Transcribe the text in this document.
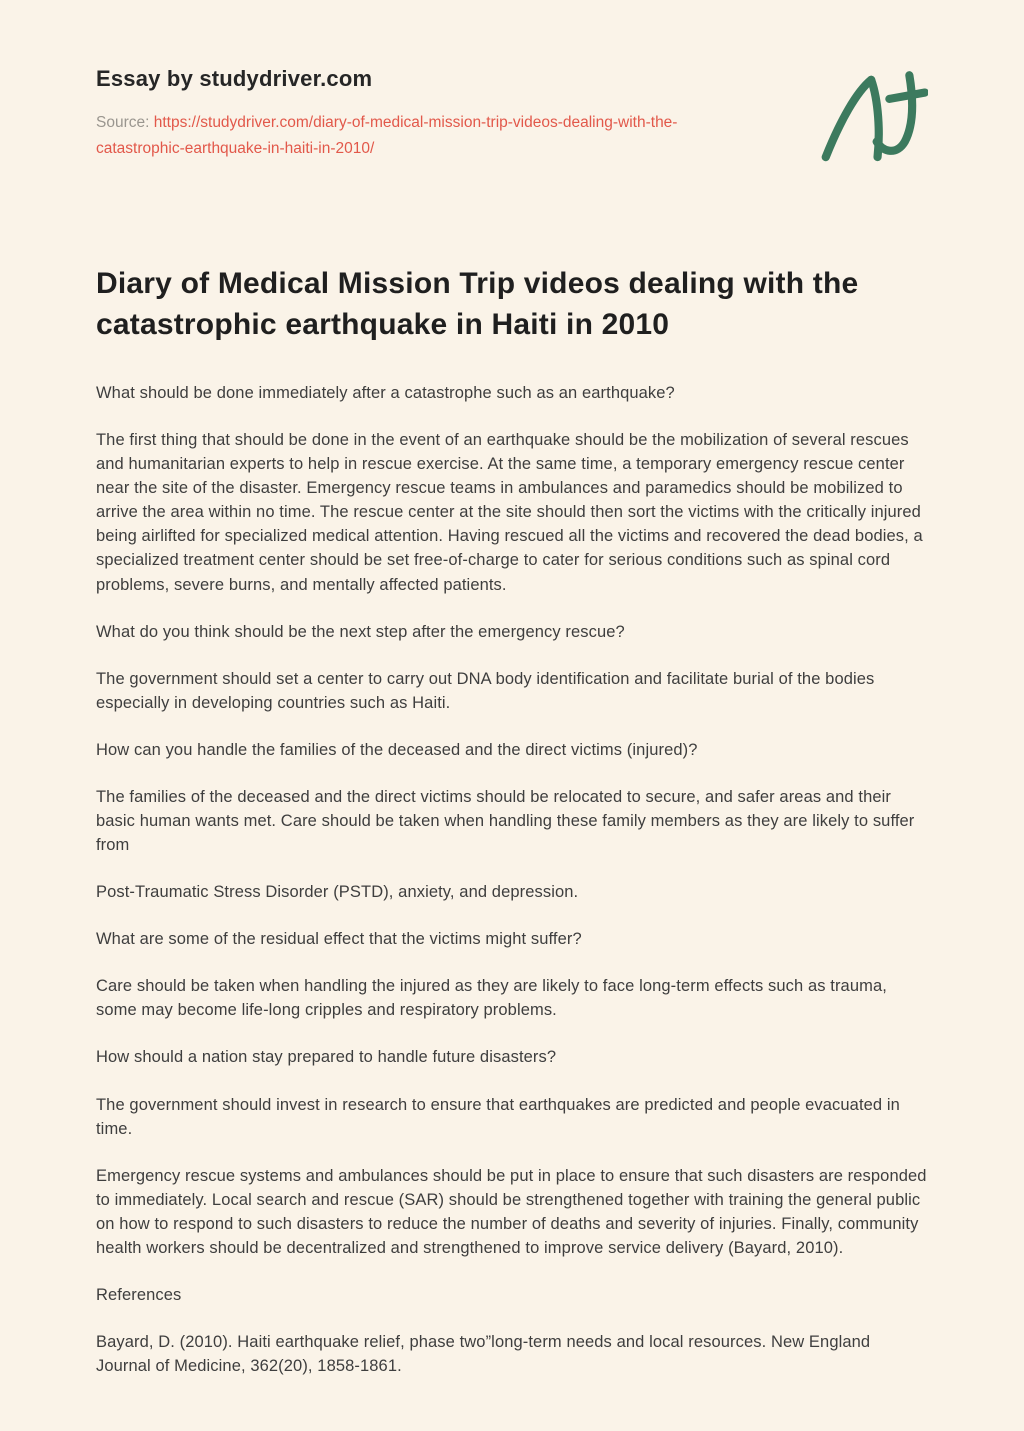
Essay by studydriver.com

Source: https://studydriver.com/diary-of-medical-mission-trip-videos-dealing-with-the-catastrophic-earthquake-in-haiti-in-2010/

Diary of Medical Mission Trip videos dealing with the catastrophic earthquake in Haiti in 2010

What should be done immediately after a catastrophe such as an earthquake?

The first thing that should be done in the event of an earthquake should be the mobilization of several rescues and humanitarian experts to help in rescue exercise. At the same time, a temporary emergency rescue center near the site of the disaster. Emergency rescue teams in ambulances and paramedics should be mobilized to arrive the area within no time. The rescue center at the site should then sort the victims with the critically injured being airlifted for specialized medical attention. Having rescued all the victims and recovered the dead bodies, a specialized treatment center should be set free-of-charge to cater for serious conditions such as spinal cord problems, severe burns, and mentally affected patients.

What do you think should be the next step after the emergency rescue?

The government should set a center to carry out DNA body identification and facilitate burial of the bodies especially in developing countries such as Haiti.

How can you handle the families of the deceased and the direct victims (injured)?

The families of the deceased and the direct victims should be relocated to secure, and safer areas and their basic human wants met. Care should be taken when handling these family members as they are likely to suffer from

Post-Traumatic Stress Disorder (PSTD), anxiety, and depression.

What are some of the residual effect that the victims might suffer?

Care should be taken when handling the injured as they are likely to face long-term effects such as trauma, some may become life-long cripples and respiratory problems.

How should a nation stay prepared to handle future disasters?

The government should invest in research to ensure that earthquakes are predicted and people evacuated in time.

Emergency rescue systems and ambulances should be put in place to ensure that such disasters are responded to immediately. Local search and rescue (SAR) should be strengthened together with training the general public on how to respond to such disasters to reduce the number of deaths and severity of injuries. Finally, community health workers should be decentralized and strengthened to improve service delivery (Bayard, 2010).

References

Bayard, D. (2010). Haiti earthquake relief, phase two”long-term needs and local resources. New England Journal of Medicine, 362(20), 1858-1861.
